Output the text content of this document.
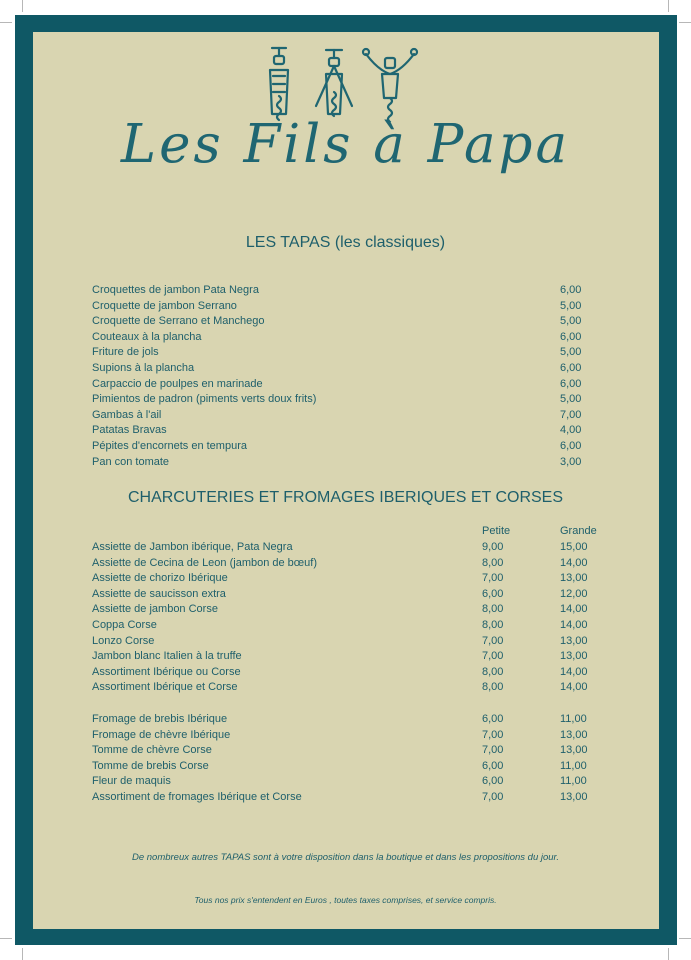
Les Fils à Papa
LES TAPAS (les classiques)
Croquettes de jambon Pata Negra	6,00
Croquette de jambon Serrano	5,00
Croquette de Serrano et Manchego	5,00
Couteaux à la plancha	6,00
Friture de jols	5,00
Supions à la plancha	6,00
Carpaccio de poulpes en marinade	6,00
Pimientos de padron (piments verts doux frits)	5,00
Gambas à l'ail	7,00
Patatas Bravas	4,00
Pépites d'encornets en tempura	6,00
Pan con tomate	3,00
CHARCUTERIES ET FROMAGES IBERIQUES ET CORSES
Petite	Grande
Assiette de Jambon ibérique, Pata Negra	9,00	15,00
Assiette de Cecina de Leon (jambon de bœuf)	8,00	14,00
Assiette de chorizo Ibérique	7,00	13,00
Assiette de saucisson extra	6,00	12,00
Assiette de jambon Corse	8,00	14,00
Coppa Corse	8,00	14,00
Lonzo Corse	7,00	13,00
Jambon blanc Italien à la truffe	7,00	13,00
Assortiment Ibérique ou Corse	8,00	14,00
Assortiment Ibérique et Corse	8,00	14,00
Fromage de brebis Ibérique	6,00	11,00
Fromage de chèvre Ibérique	7,00	13,00
Tomme de chèvre Corse	7,00	13,00
Tomme de brebis Corse	6,00	11,00
Fleur de maquis	6,00	11,00
Assortiment de fromages Ibérique et Corse	7,00	13,00
De nombreux autres TAPAS sont à votre disposition dans la boutique et dans les propositions du jour.
Tous nos prix s'entendent en Euros , toutes taxes comprises, et service compris.
